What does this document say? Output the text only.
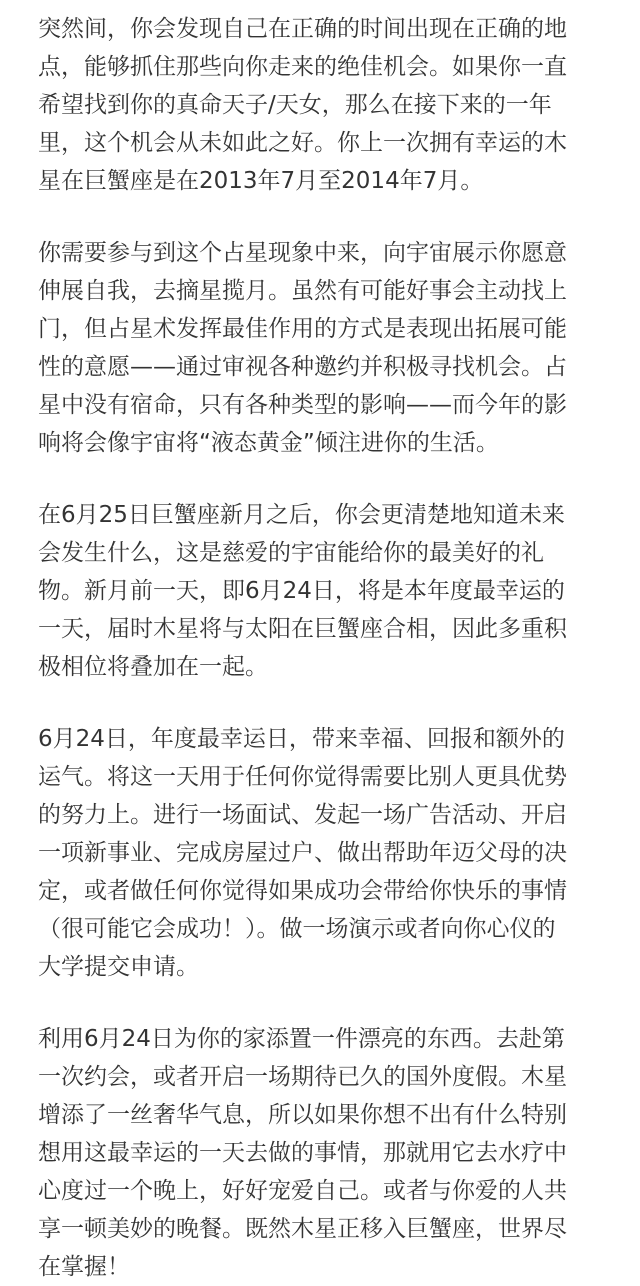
突然间，你会发现自己在正确的时间出现在正确的地
点，能够抓住那些向你走来的绝佳机会。如果你一直
希望找到你的真命天子/天女，那么在接下来的一年
里，这个机会从未如此之好。你上一次拥有幸运的木
星在巨蟹座是在2013年7月至2014年7月。

你需要参与到这个占星现象中来，向宇宙展示你愿意
伸展自我，去摘星揽月。虽然有可能好事会主动找上
门，但占星术发挥最佳作用的方式是表现出拓展可能
性的意愿——通过审视各种邀约并积极寻找机会。占
星中没有宿命，只有各种类型的影响——而今年的影
响将会像宇宙将“液态黄金”倾注进你的生活。

在6月25日巨蟹座新月之后，你会更清楚地知道未来
会发生什么，这是慈爱的宇宙能给你的最美好的礼
物。新月前一天，即6月24日，将是本年度最幸运的
一天，届时木星将与太阳在巨蟹座合相，因此多重积
极相位将叠加在一起。

6月24日，年度最幸运日，带来幸福、回报和额外的
运气。将这一天用于任何你觉得需要比别人更具优势
的努力上。进行一场面试、发起一场广告活动、开启
一项新事业、完成房屋过户、做出帮助年迈父母的决
定，或者做任何你觉得如果成功会带给你快乐的事情
（很可能它会成功！）。做一场演示或者向你心仪的
大学提交申请。

利用6月24日为你的家添置一件漂亮的东西。去赴第
一次约会，或者开启一场期待已久的国外度假。木星
增添了一丝奢华气息，所以如果你想不出有什么特别
想用这最幸运的一天去做的事情，那就用它去水疗中
心度过一个晚上，好好宠爱自己。或者与你爱的人共
享一顿美妙的晚餐。既然木星正移入巨蟹座，世界尽
在掌握！
